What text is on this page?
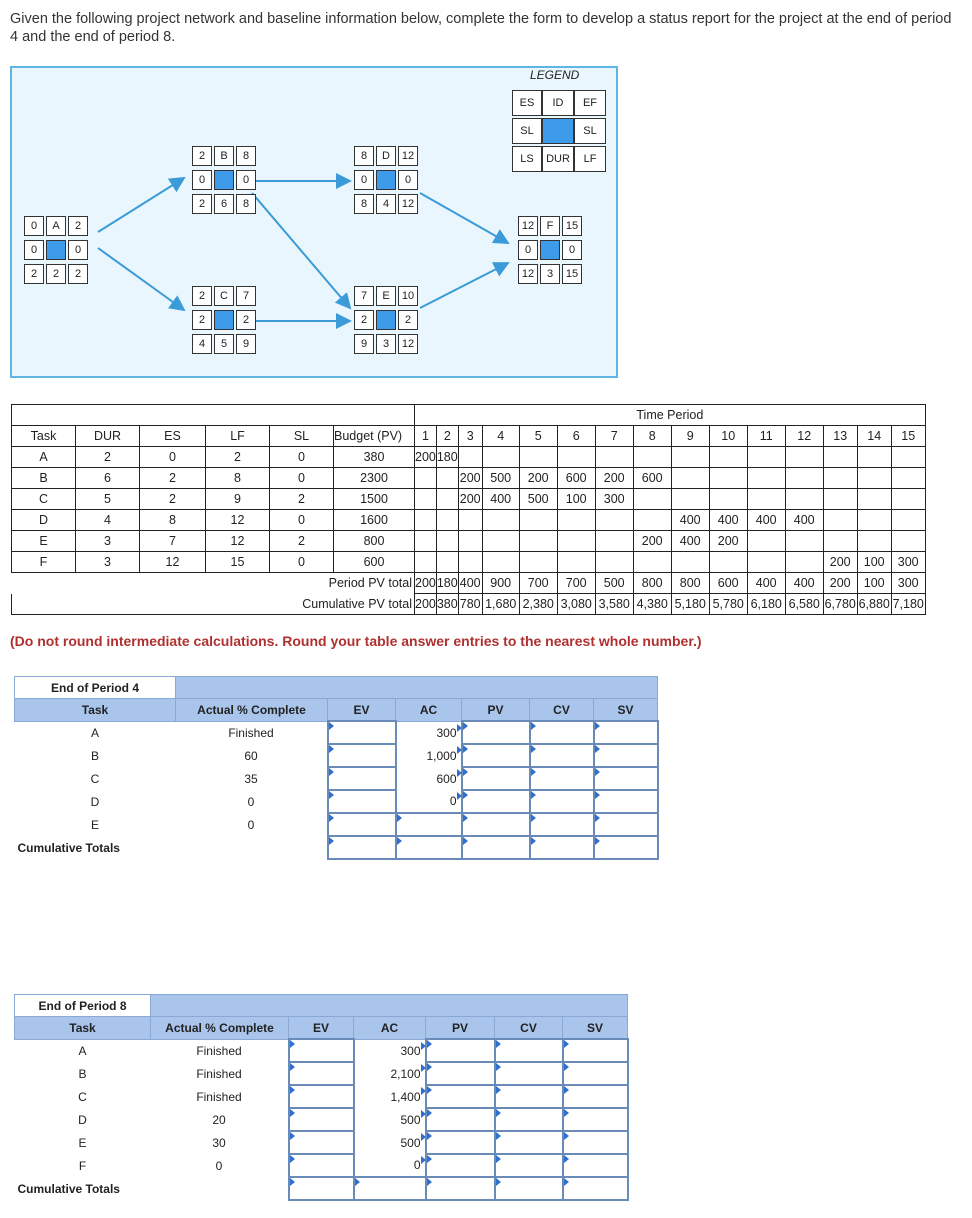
Given the following project network and baseline information below, complete the form to develop a status report for the project at the end of period 4 and the end of period 8.
LEGEND
ES	ID	EF
SL	SL
LS	DUR	LF
0	A	2
0	0
2	2	2
2	B	8
0	0
2	6	8
2	C	7
2	2
4	5	9
8	D	12
0	0
8	4	12
7	E	10
2	2
9	3	12
12	F	15
0	0
12	3	15
						Time Period														
Task	DUR	ES	LF	SL	Budget (PV)	1	2	3	4	5	6	7	8	9	10	11	12	13	14	15
A	2	0	2	0	380	200	180													
B	6	2	8	0	2300			200	500	200	600	200	600							
C	5	2	9	2	1500			200	400	500	100	300								
D	4	8	12	0	1600									400	400	400	400			
E	3	7	12	2	800								200	400	200					
F	3	12	15	0	600													200	100	300
Period PV total						200	180	400	900	700	700	500	800	800	600	400	400	200	100	300
Cumulative PV total						200	380	780	1,680	2,380	3,080	3,580	4,380	5,180	5,780	6,180	6,580	6,780	6,880	7,180
(Do not round intermediate calculations. Round your table answer entries to the nearest whole number.)
End of Period 4						
Task	Actual % Complete	EV	AC	PV	CV	SV
A	Finished		300

B	60		1,000

C	35		600

D	0		0

E	0	

Cumulative Totals		

End of Period 8						
Task	Actual % Complete	EV	AC	PV	CV	SV
A	Finished		300

B	Finished		2,100

C	Finished		1,400

D	20		500

E	30		500

F	0		0

Cumulative Totals		
